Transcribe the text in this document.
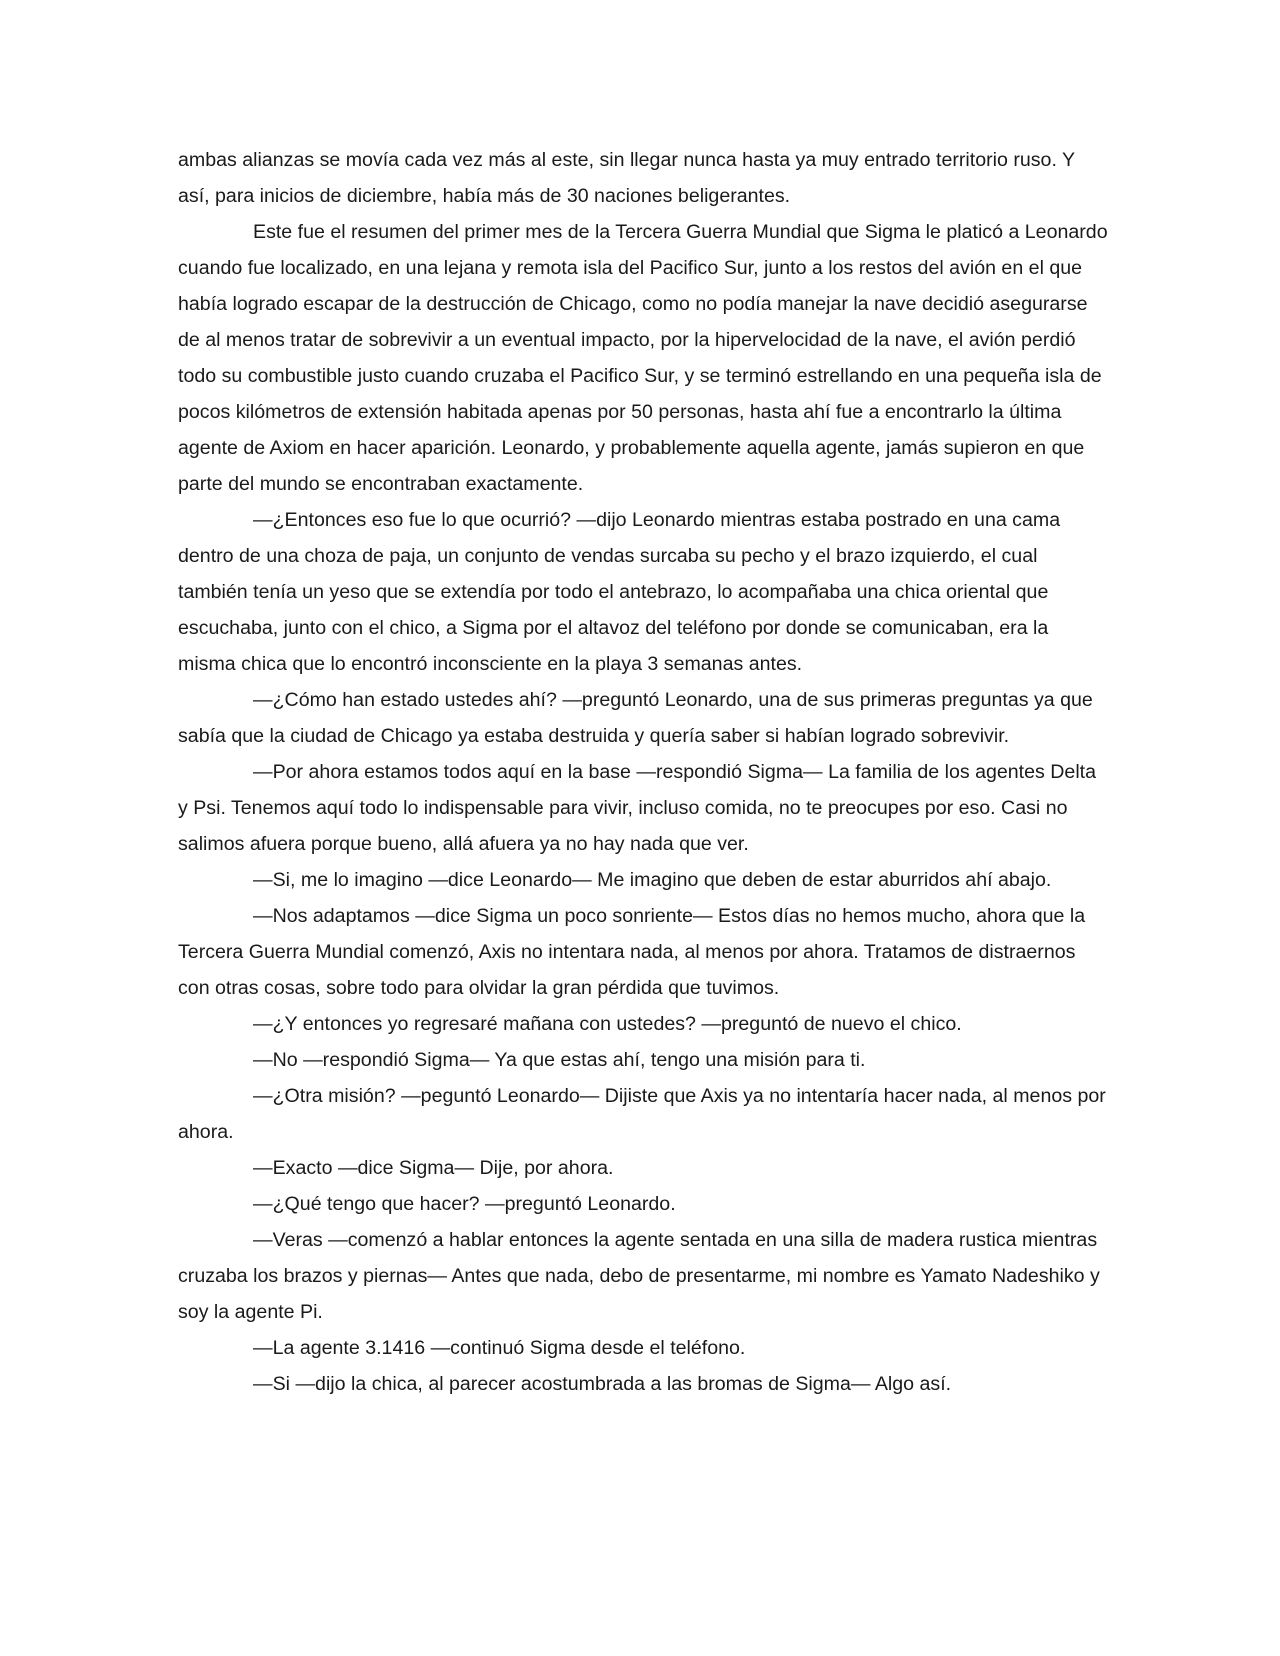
ambas alianzas se movía cada vez más al este, sin llegar nunca hasta ya muy entrado territorio ruso. Y así, para inicios de diciembre, había más de 30 naciones beligerantes.

Este fue el resumen del primer mes de la Tercera Guerra Mundial que Sigma le platicó a Leonardo cuando fue localizado, en una lejana y remota isla del Pacifico Sur, junto a los restos del avión en el que había logrado escapar de la destrucción de Chicago, como no podía manejar la nave decidió asegurarse de al menos tratar de sobrevivir a un eventual impacto, por la hipervelocidad de la nave, el avión perdió todo su combustible justo cuando cruzaba el Pacifico Sur, y se terminó estrellando en una pequeña isla de pocos kilómetros de extensión habitada apenas por 50 personas, hasta ahí fue a encontrarlo la última agente de Axiom en hacer aparición. Leonardo, y probablemente aquella agente, jamás supieron en que parte del mundo se encontraban exactamente.

―¿Entonces eso fue lo que ocurrió? ―dijo Leonardo mientras estaba postrado en una cama dentro de una choza de paja, un conjunto de vendas surcaba su pecho y el brazo izquierdo, el cual también tenía un yeso que se extendía por todo el antebrazo, lo acompañaba una chica oriental que escuchaba, junto con el chico, a Sigma por el altavoz del teléfono por donde se comunicaban, era la misma chica que lo encontró inconsciente en la playa 3 semanas antes.

―¿Cómo han estado ustedes ahí? ―preguntó Leonardo, una de sus primeras preguntas ya que sabía que la ciudad de Chicago ya estaba destruida y quería saber si habían logrado sobrevivir.

―Por ahora estamos todos aquí en la base ―respondió Sigma― La familia de los agentes Delta y Psi. Tenemos aquí todo lo indispensable para vivir, incluso comida, no te preocupes por eso. Casi no salimos afuera porque bueno, allá afuera ya no hay nada que ver.

―Si, me lo imagino ―dice Leonardo― Me imagino que deben de estar aburridos ahí abajo.

―Nos adaptamos ―dice Sigma un poco sonriente― Estos días no hemos mucho, ahora que la Tercera Guerra Mundial comenzó, Axis no intentara nada, al menos por ahora. Tratamos de distraernos con otras cosas, sobre todo para olvidar la gran pérdida que tuvimos.

―¿Y entonces yo regresaré mañana con ustedes? ―preguntó de nuevo el chico.

―No ―respondió Sigma― Ya que estas ahí, tengo una misión para ti.

―¿Otra misión? ―peguntó Leonardo― Dijiste que Axis ya no intentaría hacer nada, al menos por ahora.

―Exacto ―dice Sigma― Dije, por ahora.

―¿Qué tengo que hacer? ―preguntó Leonardo.

―Veras ―comenzó a hablar entonces la agente sentada en una silla de madera rustica mientras cruzaba los brazos y piernas― Antes que nada, debo de presentarme, mi nombre es Yamato Nadeshiko y soy la agente Pi.

―La agente 3.1416 ―continuó Sigma desde el teléfono.

―Si ―dijo la chica, al parecer acostumbrada a las bromas de Sigma― Algo así.
